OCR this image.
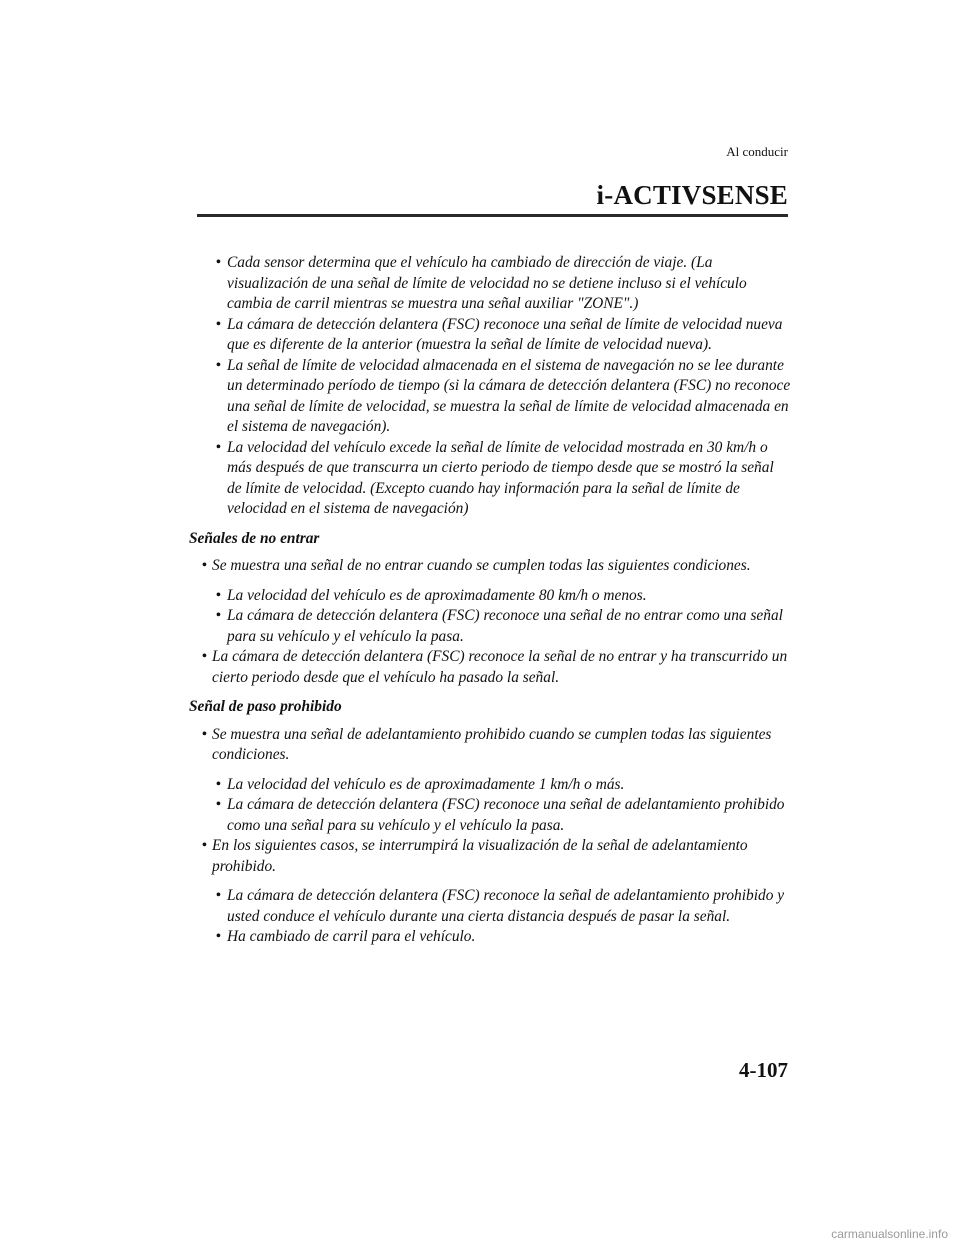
Al conducir
i-ACTIVSENSE
• Cada sensor determina que el vehículo ha cambiado de dirección de viaje. (La visualización de una señal de límite de velocidad no se detiene incluso si el vehículo cambia de carril mientras se muestra una señal auxiliar "ZONE".)
• La cámara de detección delantera (FSC) reconoce una señal de límite de velocidad nueva que es diferente de la anterior (muestra la señal de límite de velocidad nueva).
• La señal de límite de velocidad almacenada en el sistema de navegación no se lee durante un determinado período de tiempo (si la cámara de detección delantera (FSC) no reconoce una señal de límite de velocidad, se muestra la señal de límite de velocidad almacenada en el sistema de navegación).
• La velocidad del vehículo excede la señal de límite de velocidad mostrada en 30 km/h o más después de que transcurra un cierto periodo de tiempo desde que se mostró la señal de límite de velocidad. (Excepto cuando hay información para la señal de límite de velocidad en el sistema de navegación)
Señales de no entrar
• Se muestra una señal de no entrar cuando se cumplen todas las siguientes condiciones.
• La velocidad del vehículo es de aproximadamente 80 km/h o menos.
• La cámara de detección delantera (FSC) reconoce una señal de no entrar como una señal para su vehículo y el vehículo la pasa.
• La cámara de detección delantera (FSC) reconoce la señal de no entrar y ha transcurrido un cierto periodo desde que el vehículo ha pasado la señal.
Señal de paso prohibido
• Se muestra una señal de adelantamiento prohibido cuando se cumplen todas las siguientes condiciones.
• La velocidad del vehículo es de aproximadamente 1 km/h o más.
• La cámara de detección delantera (FSC) reconoce una señal de adelantamiento prohibido como una señal para su vehículo y el vehículo la pasa.
• En los siguientes casos, se interrumpirá la visualización de la señal de adelantamiento prohibido.
• La cámara de detección delantera (FSC) reconoce la señal de adelantamiento prohibido y usted conduce el vehículo durante una cierta distancia después de pasar la señal.
• Ha cambiado de carril para el vehículo.
4-107
carmanualsonline.info
